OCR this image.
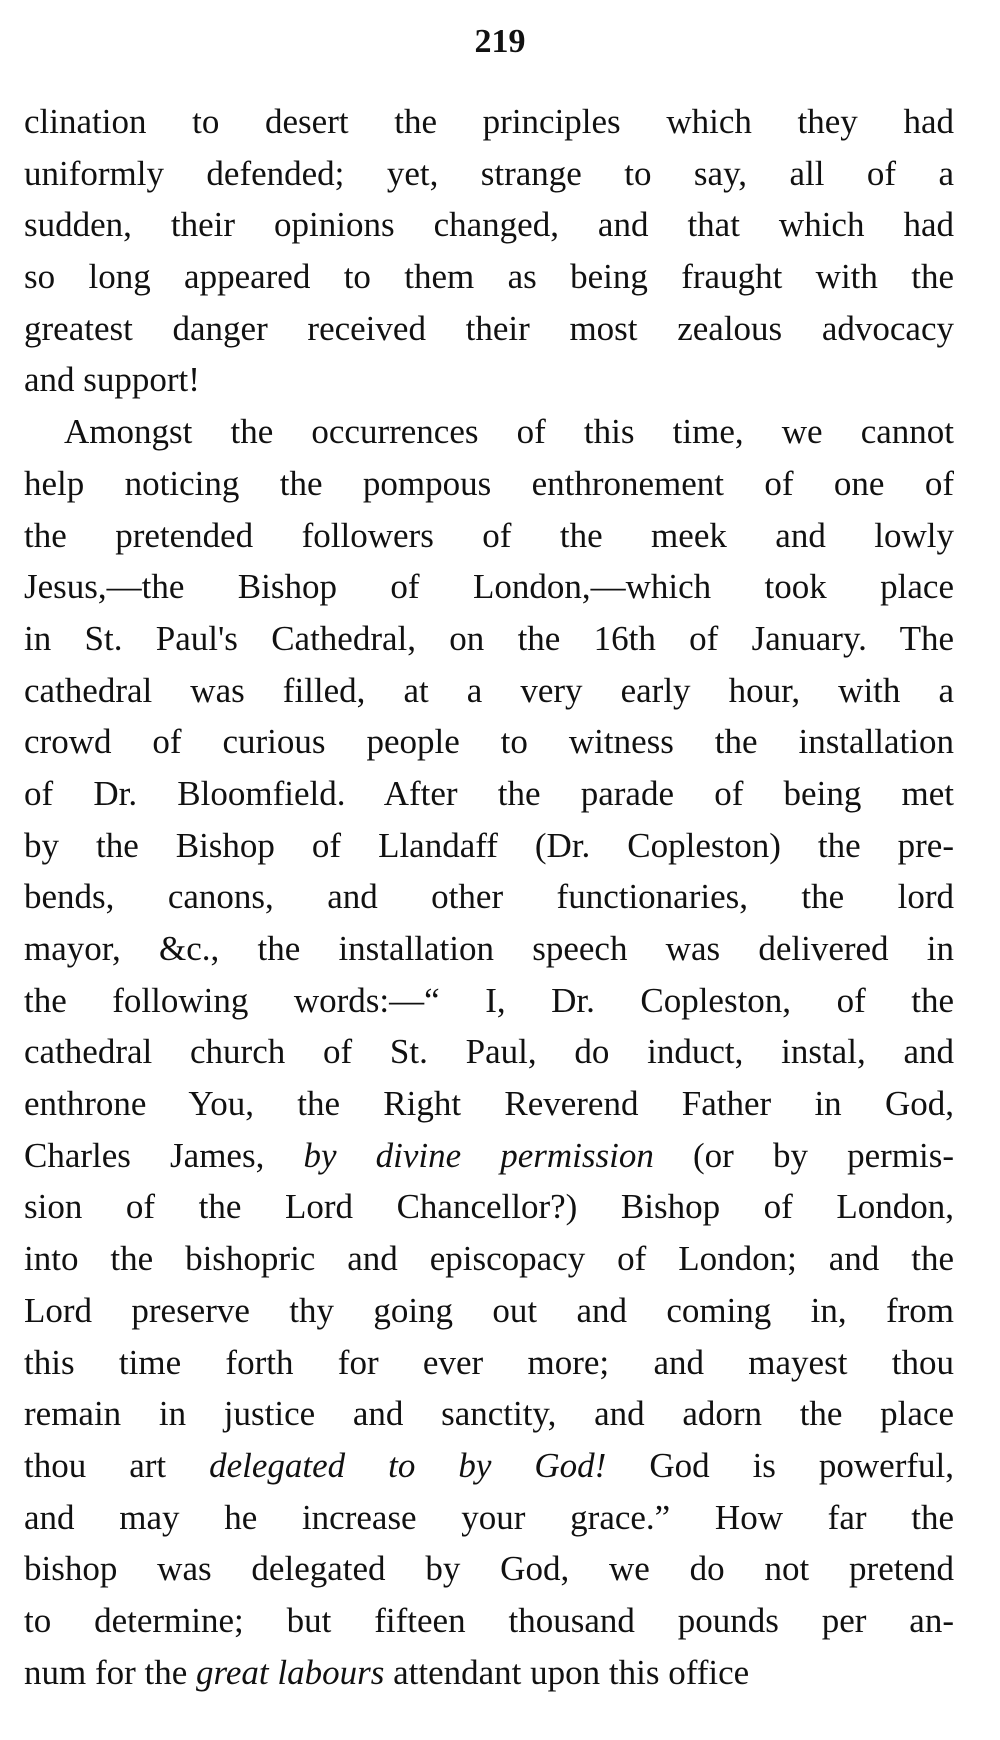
219
clination to desert the principles which they had
uniformly defended; yet, strange to say, all of a
sudden, their opinions changed, and that which had
so long appeared to them as being fraught with the
greatest danger received their most zealous advocacy
and support!
Amongst the occurrences of this time, we cannot
help noticing the pompous enthronement of one of
the pretended followers of the meek and lowly
Jesus,—the Bishop of London,—which took place
in St. Paul's Cathedral, on the 16th of January. The
cathedral was filled, at a very early hour, with a
crowd of curious people to witness the installation
of Dr. Bloomfield. After the parade of being met
by the Bishop of Llandaff (Dr. Copleston) the pre-
bends, canons, and other functionaries, the lord
mayor, &c., the installation speech was delivered in
the following words:—“ I, Dr. Copleston, of the
cathedral church of St. Paul, do induct, instal, and
enthrone You, the Right Reverend Father in God,
Charles James, by divine permission (or by permis-
sion of the Lord Chancellor?) Bishop of London,
into the bishopric and episcopacy of London; and the
Lord preserve thy going out and coming in, from
this time forth for ever more; and mayest thou
remain in justice and sanctity, and adorn the place
thou art delegated to by God! God is powerful,
and may he increase your grace.” How far the
bishop was delegated by God, we do not pretend
to determine; but fifteen thousand pounds per an-
num for the great labours attendant upon this office
